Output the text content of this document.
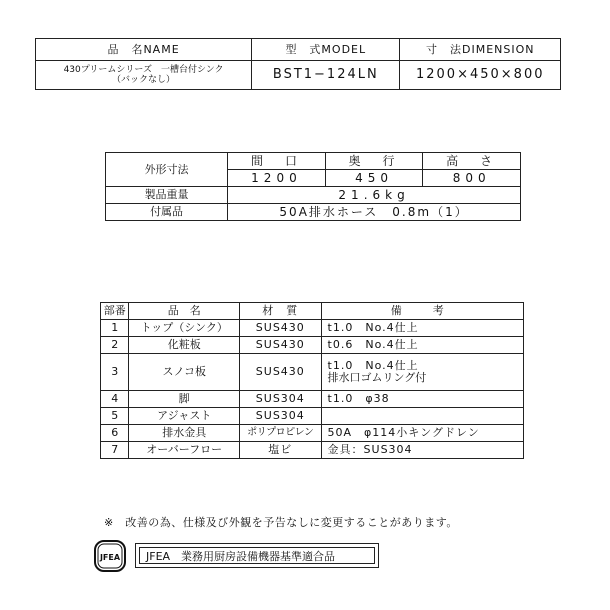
品　名NAME	型　式MODEL	寸　法DIMENSION

430プリームシリーズ　一槽台付シンク
（バックなし）	BST1−124LN	1200×450×800
外形寸法	間　口	奥　行	高　さ
	1200	450	800
製品重量	21.6kg		
付属品	50A排水ホース　0.8m（1）		
部番	品　名	材　質	備　考
1	トップ（シンク）	SUS430	t1.0　No.4仕上
2	化粧板	SUS430	t0.6　No.4仕上
3	スノコ板	SUS430	t1.0　No.4仕上
排水口ゴムリング付

4	脚	SUS304	t1.0　φ38
5	アジャスト	SUS304	
6	排水金具	ポリプロピレン	50A　φ114小キングドレン
7	オーバーフロー	塩ビ	金具：SUS304
※　改善の為、仕様及び外観を予告なしに変更することがあります。
JFEA	JFEA　業務用厨房設備機器基準適合品
